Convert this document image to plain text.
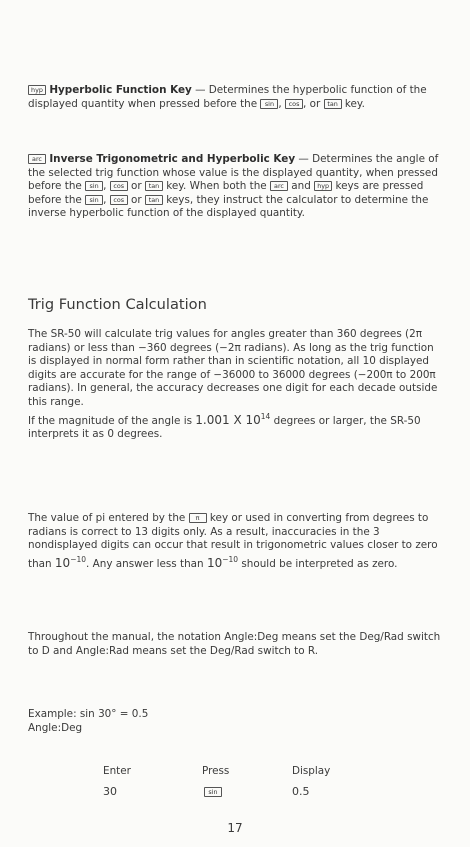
hyp Hyperbolic Function Key — Determines the hyperbolic function of the displayed quantity when pressed before the sin , cos , or tan key.

arc Inverse Trigonometric and Hyperbolic Key — Determines the angle of the selected trig function whose value is the displayed quantity, when pressed before the sin , cos or tan key. When both the arc and hyp keys are pressed before the sin , cos or tan keys, they instruct the calculator to determine the inverse hyperbolic function of the displayed quantity.

Trig Function Calculation

The SR-50 will calculate trig values for angles greater than 360 degrees (2π radians) or less than −360 degrees (−2π radians). As long as the trig function is displayed in normal form rather than in scientific notation, all 10 displayed digits are accurate for the range of −36000 to 36000 degrees (−200π to 200π radians). In general, the accuracy decreases one digit for each decade outside this range.
If the magnitude of the angle is 1.001 X $10^{14}$ degrees or larger, the SR-50 interprets it as 0 degrees.

The value of pi entered by the π key or used in converting from degrees to radians is correct to 13 digits only. As a result, inaccuracies in the 3 nondisplayed digits can occur that result in trigonometric values closer to zero than $10^{-10}$. Any answer less than $10^{-10}$ should be interpreted as zero.

Throughout the manual, the notation Angle:Deg means set the Deg/Rad switch to D and Angle:Rad means set the Deg/Rad switch to R.

Example: sin 30° = 0.5
Angle:Deg

Enter	Press	Display
30	sin	0.5
17
